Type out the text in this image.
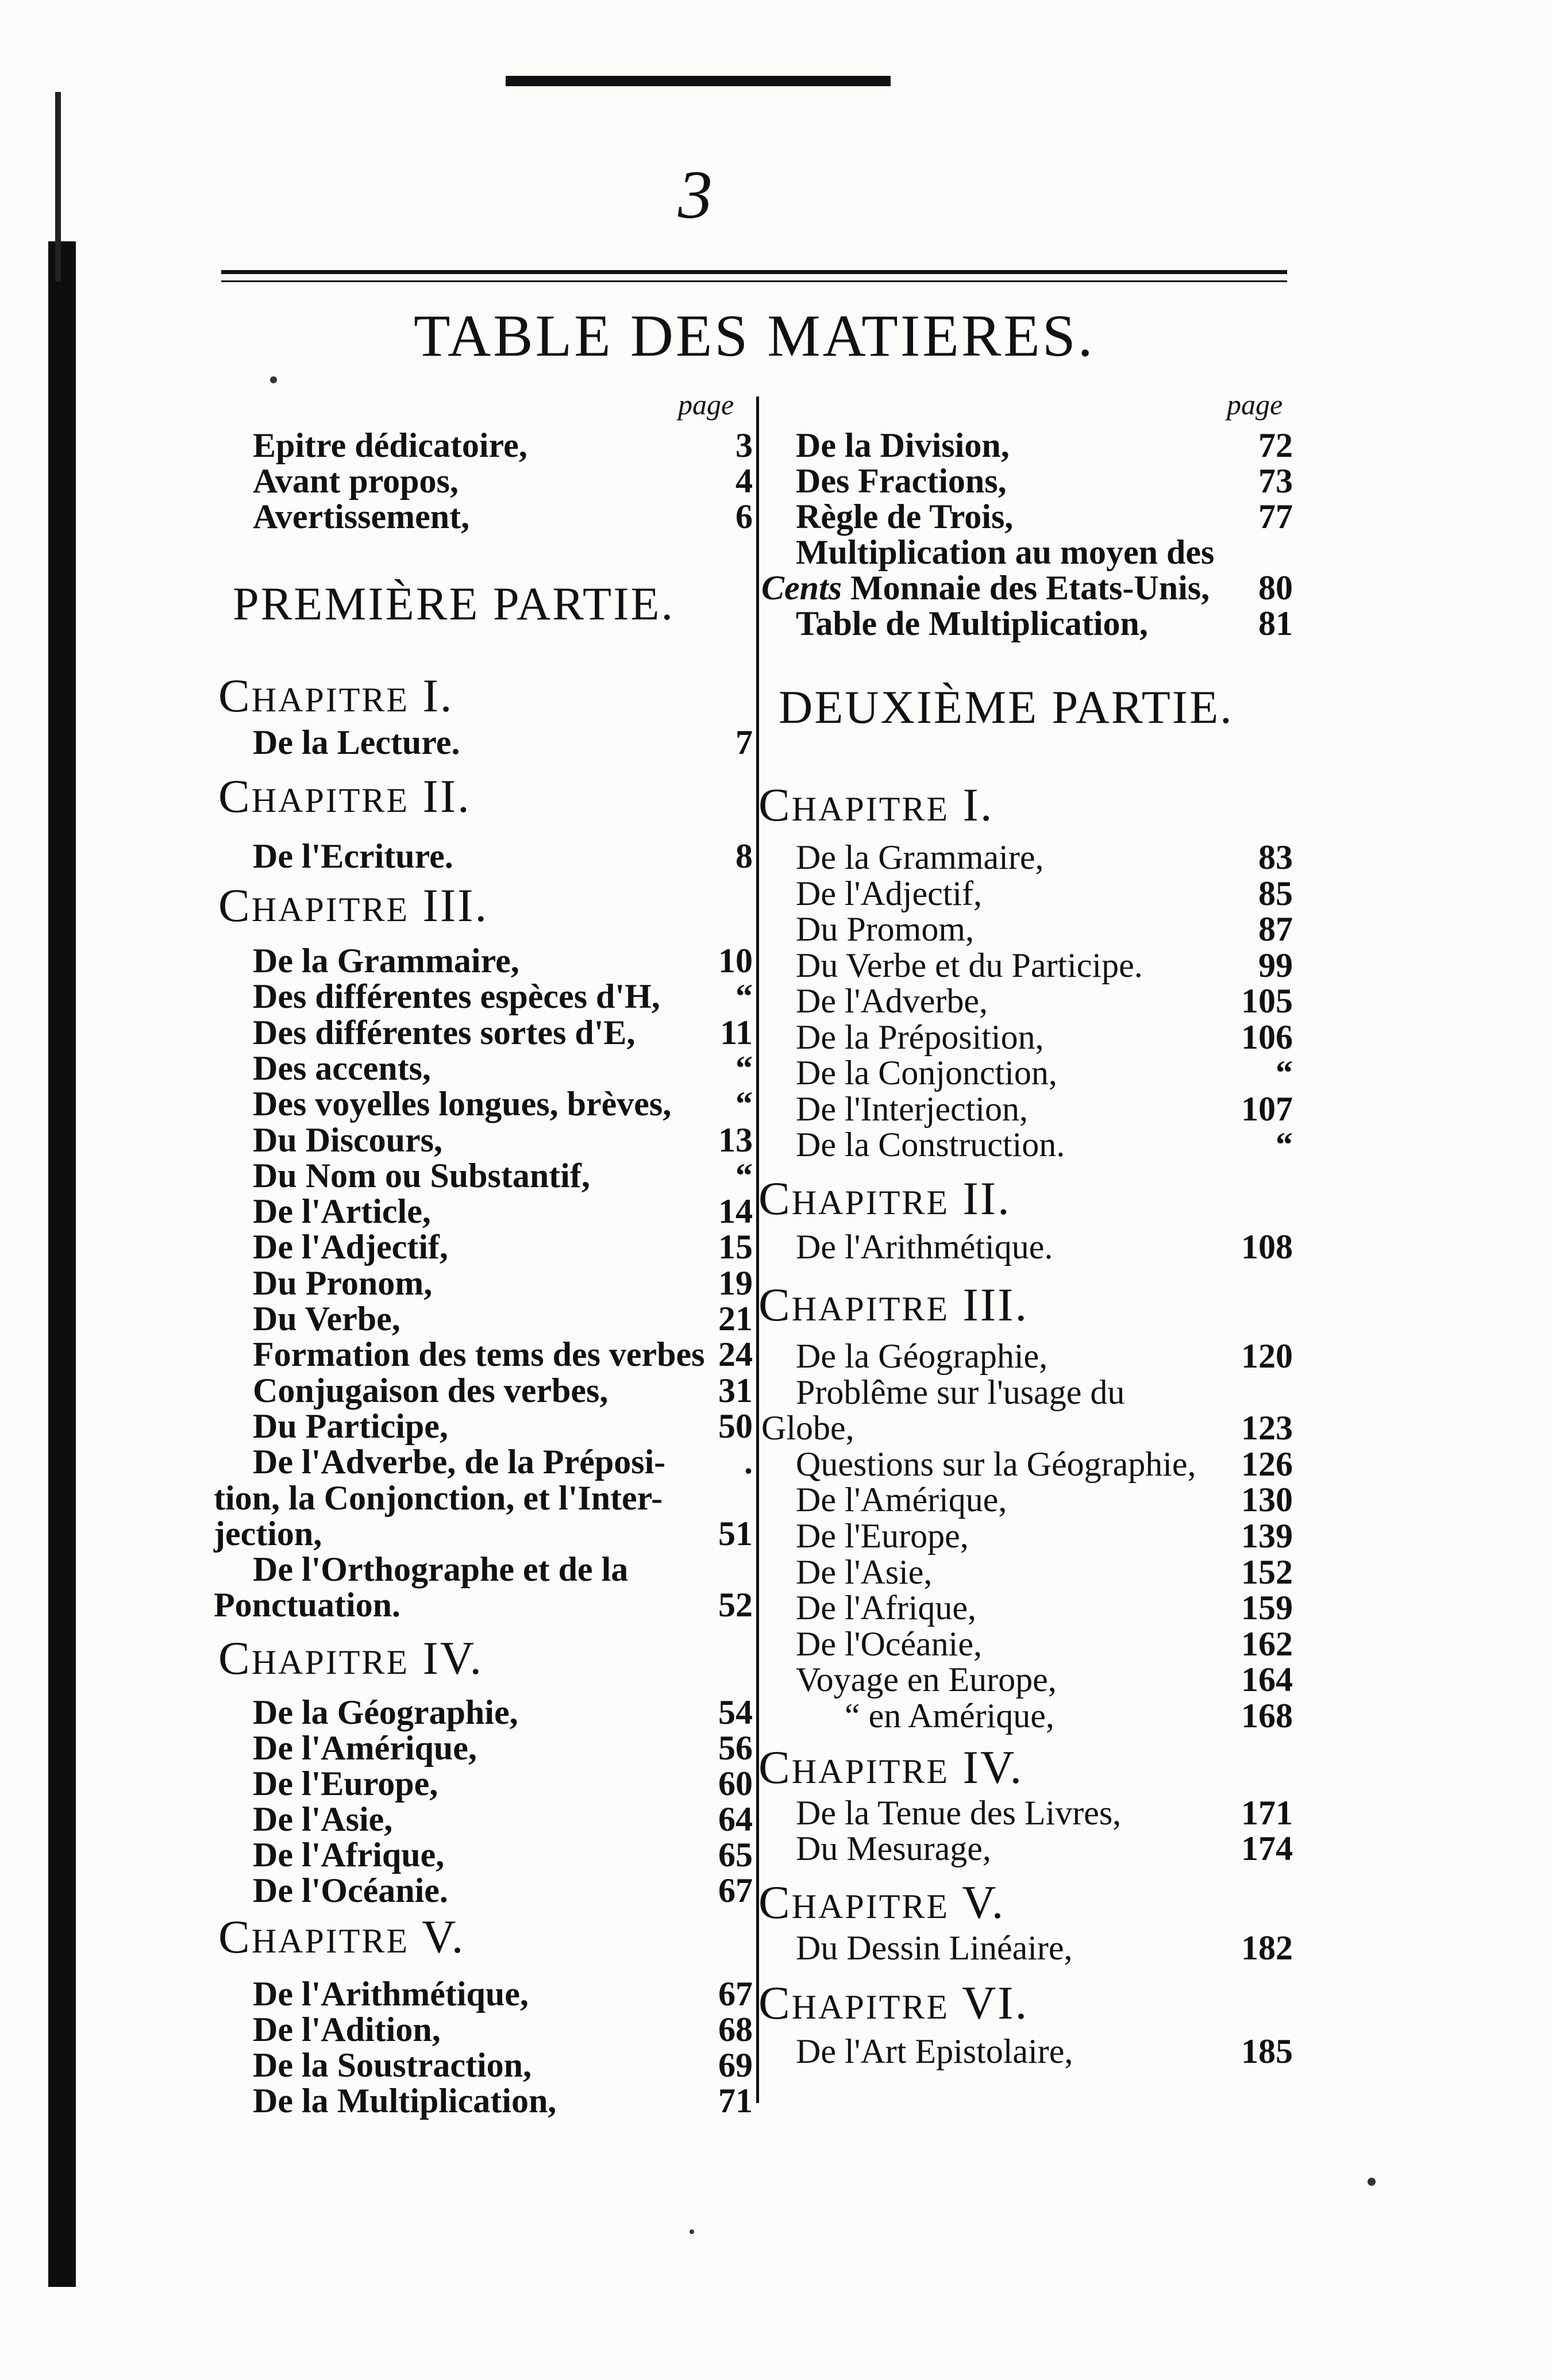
3
TABLE DES MATIERES.
page
Epitre dédicatoire,	3
Avant propos,	4
Avertissement,	6
PREMIÈRE PARTIE.
CHAPITRE I.
De la Lecture.	7
CHAPITRE II.
De l'Ecriture.	8
CHAPITRE III.
De la Grammaire,	10
Des différentes espèces d'H,	“
Des différentes sortes d'E,	11
Des accents,	“
Des voyelles longues, brèves,	“
Du Discours,	13
Du Nom ou Substantif,	“
De l'Article,	14
De l'Adjectif,	15
Du Pronom,	19
Du Verbe,	21
Formation des tems des verbes 24
Conjugaison des verbes,	31
Du Participe,	50
De l'Adverbe, de la Préposi-	.
tion, la Conjonction, et l'Inter-
jection,	51
De l'Orthographe et de la
Ponctuation.	52
CHAPITRE IV.
De la Géographie,	54
De l'Amérique,	56
De l'Europe,	60
De l'Asie,	64
De l'Afrique,	65
De l'Océanie.	67
CHAPITRE V.
De l'Arithmétique,	67
De l'Adition,	68
De la Soustraction,	69
De la Multiplication,	71
page
De la Division,	72
Des Fractions,	73
Règle de Trois,	77
Multiplication au moyen des
Cents Monnaie des Etats-Unis,	80
Table de Multiplication,	81
DEUXIÈME PARTIE.
CHAPITRE I.
De la Grammaire,	83
De l'Adjectif,	85
Du Promom,	87
Du Verbe et du Participe.	99
De l'Adverbe,	105
De la Préposition,	106
De la Conjonction,	“
De l'Interjection,	107
De la Construction.	“
CHAPITRE II.
De l'Arithmétique.	108
CHAPITRE III.
De la Géographie,	120
Problême sur l'usage du
Globe,	123
Questions sur la Géographie,	126
De l'Amérique,	130
De l'Europe,	139
De l'Asie,	152
De l'Afrique,	159
De l'Océanie,	162
Voyage en Europe,	164
“ en Amérique,	168
CHAPITRE IV.
De la Tenue des Livres,	171
Du Mesurage,	174
CHAPITRE V.
Du Dessin Linéaire,	182
CHAPITRE VI.
De l'Art Epistolaire,	185
